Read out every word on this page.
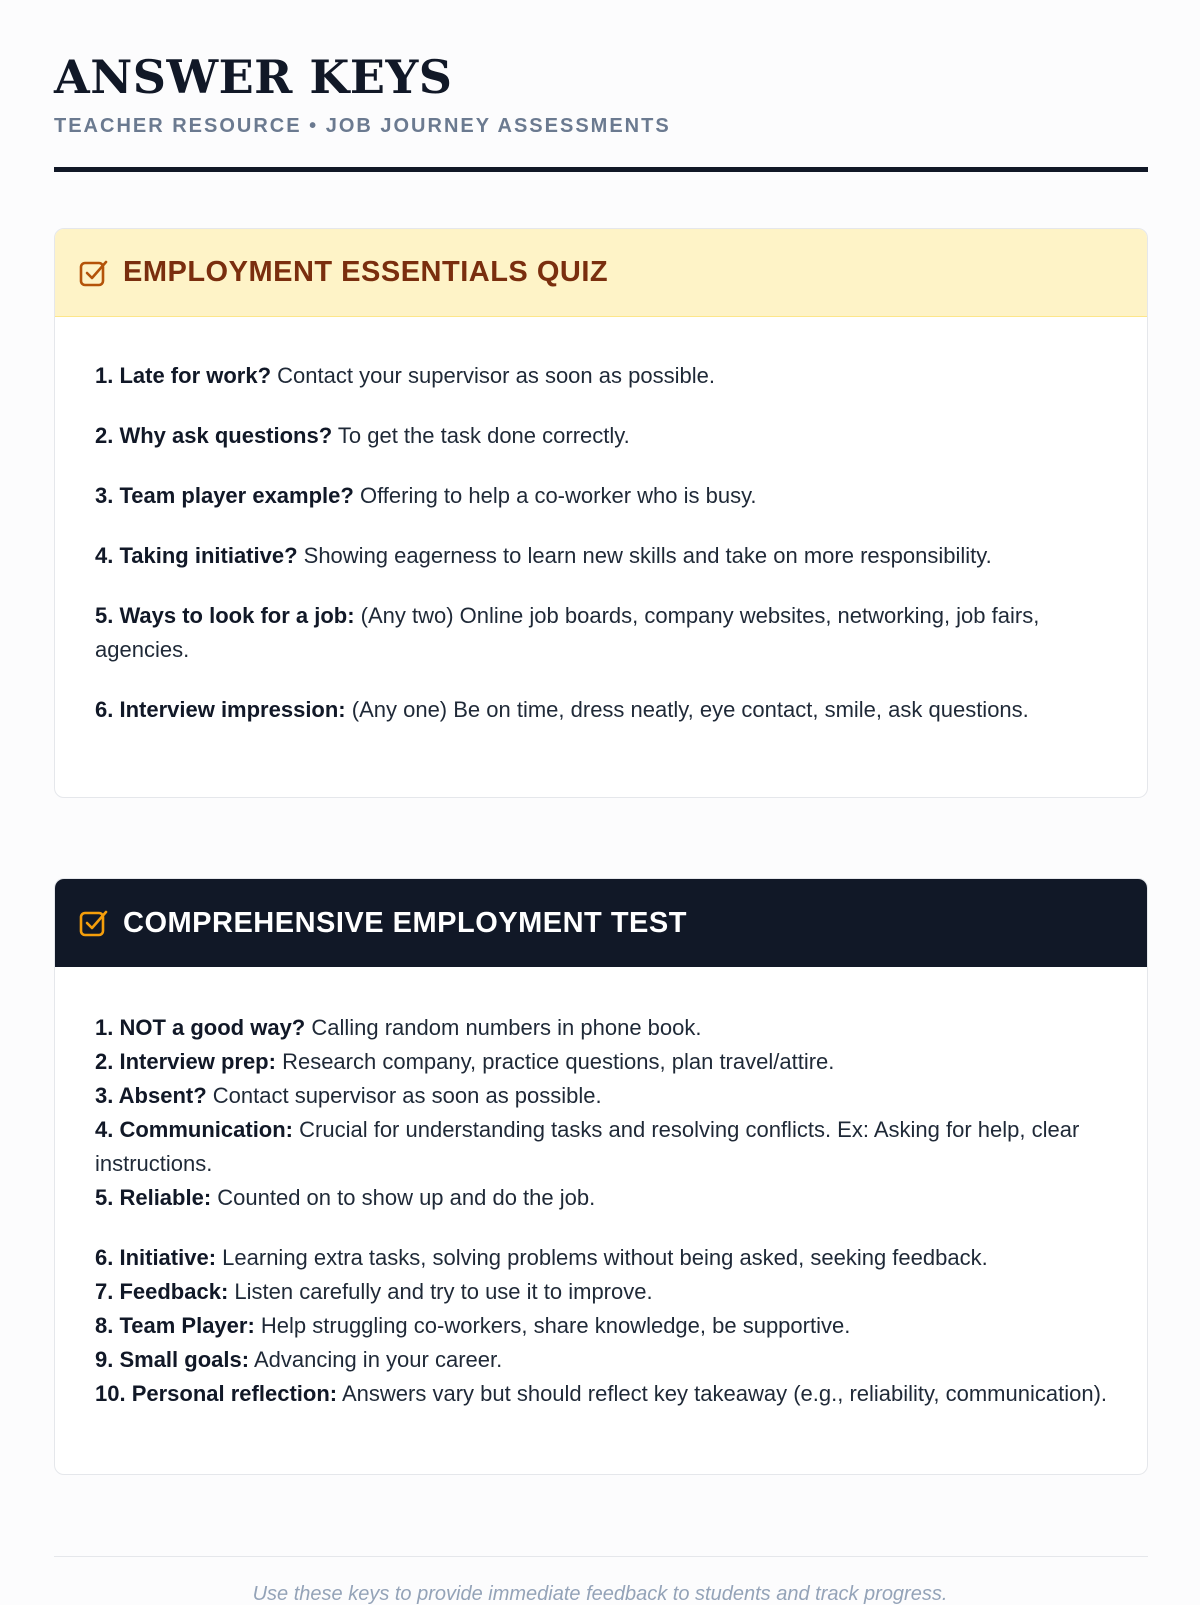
ANSWER KEYS

TEACHER RESOURCE • JOB JOURNEY ASSESSMENTS

EMPLOYMENT ESSENTIALS QUIZ

1. Late for work? Contact your supervisor as soon as possible.

2. Why ask questions? To get the task done correctly.

3. Team player example? Offering to help a co-worker who is busy.

4. Taking initiative? Showing eagerness to learn new skills and take on more responsibility.

5. Ways to look for a job: (Any two) Online job boards, company websites, networking, job fairs, agencies.

6. Interview impression: (Any one) Be on time, dress neatly, eye contact, smile, ask questions.

COMPREHENSIVE EMPLOYMENT TEST

1. NOT a good way? Calling random numbers in phone book.

2. Interview prep: Research company, practice questions, plan travel/attire.

3. Absent? Contact supervisor as soon as possible.

4. Communication: Crucial for understanding tasks and resolving conflicts. Ex: Asking for help, clear instructions.

5. Reliable: Counted on to show up and do the job.

6. Initiative: Learning extra tasks, solving problems without being asked, seeking feedback.

7. Feedback: Listen carefully and try to use it to improve.

8. Team Player: Help struggling co-workers, share knowledge, be supportive.

9. Small goals: Advancing in your career.

10. Personal reflection: Answers vary but should reflect key takeaway (e.g., reliability, communication).

Use these keys to provide immediate feedback to students and track progress.
